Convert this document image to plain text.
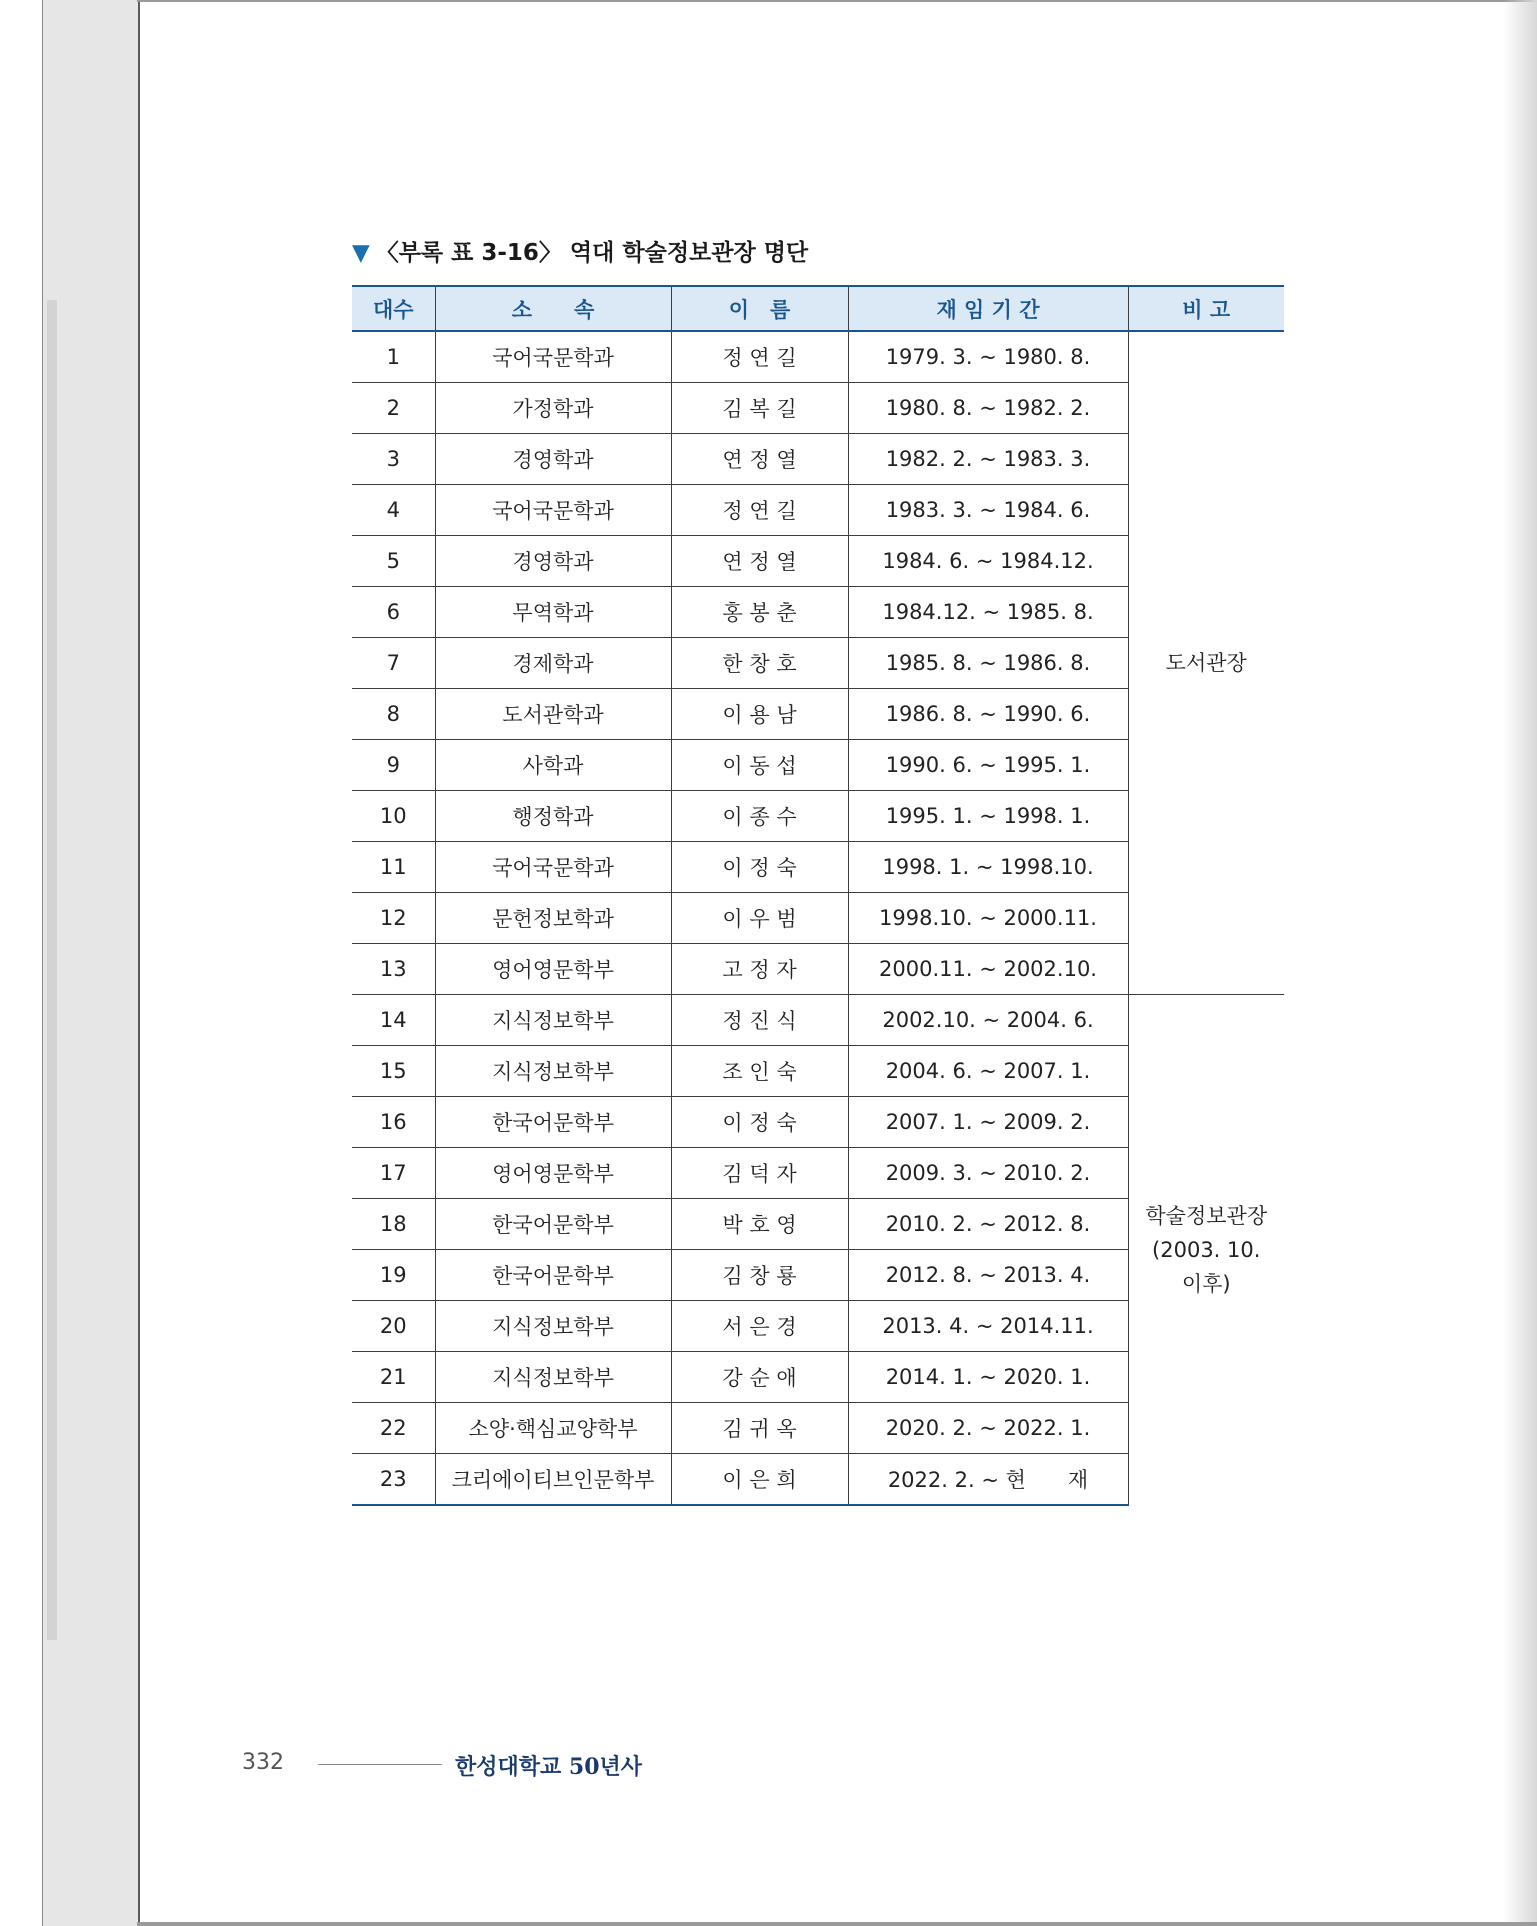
▼ 〈부록 표 3-16〉 역대 학술정보관장 명단
대수	소　　속	이　름	재 임 기 간	비 고
1	국어국문학과	정 연 길	1979. 3. ~ 1980. 8.	도서관장
2	가정학과	김 복 길	1980. 8. ~ 1982. 2.	
3	경영학과	연 정 열	1982. 2. ~ 1983. 3.	
4	국어국문학과	정 연 길	1983. 3. ~ 1984. 6.	
5	경영학과	연 정 열	1984. 6. ~ 1984.12.	
6	무역학과	홍 봉 춘	1984.12. ~ 1985. 8.	
7	경제학과	한 창 호	1985. 8. ~ 1986. 8.	
8	도서관학과	이 용 남	1986. 8. ~ 1990. 6.	
9	사학과	이 동 섭	1990. 6. ~ 1995. 1.	
10	행정학과	이 종 수	1995. 1. ~ 1998. 1.	
11	국어국문학과	이 정 숙	1998. 1. ~ 1998.10.	
12	문헌정보학과	이 우 범	1998.10. ~ 2000.11.	
13	영어영문학부	고 정 자	2000.11. ~ 2002.10.	
14	지식정보학부	정 진 식	2002.10. ~ 2004. 6.	학술정보관장
(2003. 10.
이후)
15	지식정보학부	조 인 숙	2004. 6. ~ 2007. 1.	
16	한국어문학부	이 정 숙	2007. 1. ~ 2009. 2.	
17	영어영문학부	김 덕 자	2009. 3. ~ 2010. 2.	
18	한국어문학부	박 호 영	2010. 2. ~ 2012. 8.	
19	한국어문학부	김 창 룡	2012. 8. ~ 2013. 4.	
20	지식정보학부	서 은 경	2013. 4. ~ 2014.11.	
21	지식정보학부	강 순 애	2014. 1. ~ 2020. 1.	
22	소양·핵심교양학부	김 귀 옥	2020. 2. ~ 2022. 1.	
23	크리에이티브인문학부	이 은 희	2022. 2. ~ 현　　재	
332	한성대학교 50년사
